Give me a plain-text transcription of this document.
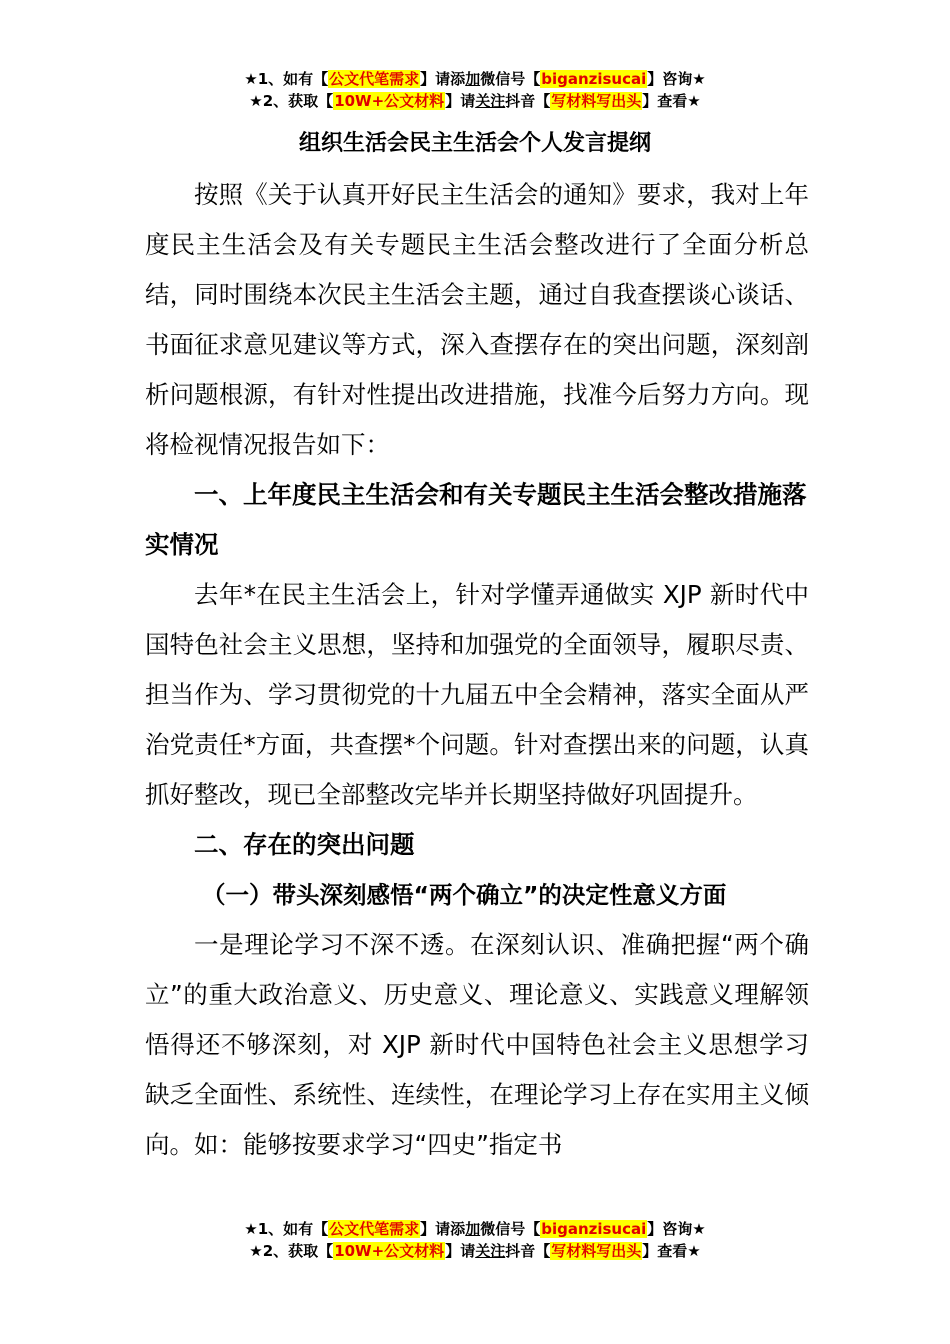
★1、如有【公文代笔需求】请添加微信号【biganzisucai】咨询★
★2、获取【10W+公文材料】请关注抖音【写材料写出头】查看★
组织生活会民主生活会个人发言提纲

按照《关于认真开好民主生活会的通知》要求，我对上年度民主生活会及有关专题民主生活会整改进行了全面分析总结，同时围绕本次民主生活会主题，通过自我查摆谈心谈话、书面征求意见建议等方式，深入查摆存在的突出问题，深刻剖析问题根源，有针对性提出改进措施，找准今后努力方向。现将检视情况报告如下：

一、上年度民主生活会和有关专题民主生活会整改措施落实情况

去年*在民主生活会上，针对学懂弄通做实 XJP 新时代中国特色社会主义思想，坚持和加强党的全面领导，履职尽责、担当作为、学习贯彻党的十九届五中全会精神，落实全面从严治党责任*方面，共查摆*个问题。针对查摆出来的问题，认真抓好整改，现已全部整改完毕并长期坚持做好巩固提升。

二、存在的突出问题

（一）带头深刻感悟“两个确立”的决定性意义方面

一是理论学习不深不透。在深刻认识、准确把握“两个确立”的重大政治意义、历史意义、理论意义、实践意义理解领悟得还不够深刻，对 XJP 新时代中国特色社会主义思想学习缺乏全面性、系统性、连续性，在理论学习上存在实用主义倾向。如：能够按要求学习“四史”指定书

★1、如有【公文代笔需求】请添加微信号【biganzisucai】咨询★
★2、获取【10W+公文材料】请关注抖音【写材料写出头】查看★
